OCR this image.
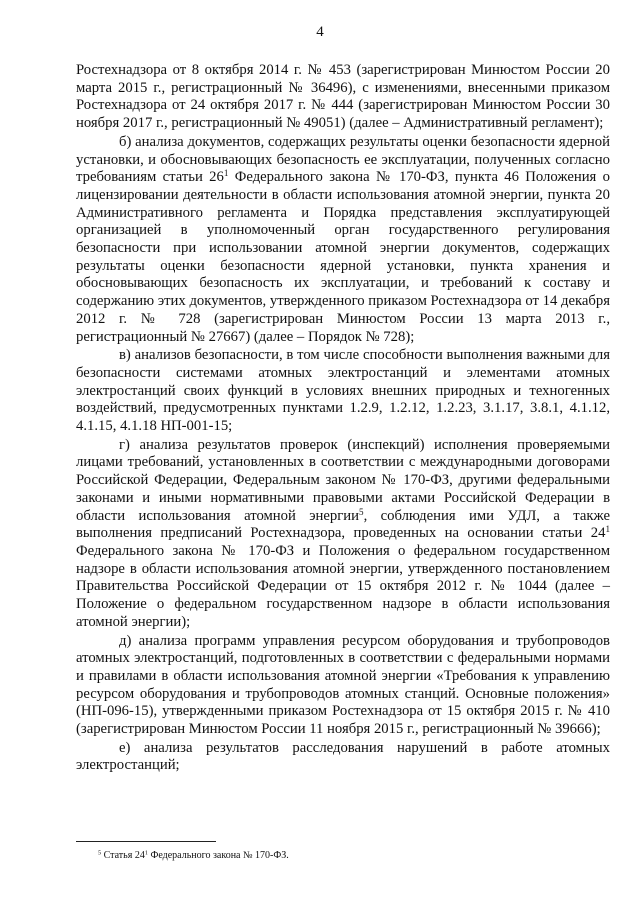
4

Ростехнадзора от 8 октября 2014 г. № 453 (зарегистрирован Минюстом России 20 марта 2015 г., регистрационный № 36496), с изменениями, внесенными приказом Ростехнадзора от 24 октября 2017 г. № 444 (зарегистрирован Минюстом России 30 ноября 2017 г., регистрационный № 49051) (далее – Административный регламент);

б) анализа документов, содержащих результаты оценки безопасности ядерной установки, и обосновывающих безопасность ее эксплуатации, полученных согласно требованиям статьи $26^1$ Федерального закона № 170-ФЗ, пункта 46 Положения о лицензировании деятельности в области использования атомной энергии, пункта 20 Административного регламента и Порядка представления эксплуатирующей организацией в уполномоченный орган государственного регулирования безопасности при использовании атомной энергии документов, содержащих результаты оценки безопасности ядерной установки, пункта хранения и обосновывающих безопасность их эксплуатации, и требований к составу и содержанию этих документов, утвержденного приказом Ростехнадзора от 14 декабря 2012 г. № 728 (зарегистрирован Минюстом России 13 марта 2013 г., регистрационный № 27667) (далее – Порядок № 728);

в) анализов безопасности, в том числе способности выполнения важными для безопасности системами атомных электростанций и элементами атомных электростанций своих функций в условиях внешних природных и техногенных воздействий, предусмотренных пунктами 1.2.9, 1.2.12, 1.2.23, 3.1.17, 3.8.1, 4.1.12, 4.1.15, 4.1.18 НП-001-15;

г) анализа результатов проверок (инспекций) исполнения проверяемыми лицами требований, установленных в соответствии с международными договорами Российской Федерации, Федеральным законом № 170-ФЗ, другими федеральными законами и иными нормативными правовыми актами Российской Федерации в области использования атомной энергии$^5$, соблюдения ими УДЛ, а также выполнения предписаний Ростехнадзора, проведенных на основании статьи $24^1$ Федерального закона № 170-ФЗ и Положения о федеральном государственном надзоре в области использования атомной энергии, утвержденного постановлением Правительства Российской Федерации от 15 октября 2012 г. № 1044 (далее – Положение о федеральном государственном надзоре в области использования атомной энергии);

д) анализа программ управления ресурсом оборудования и трубопроводов атомных электростанций, подготовленных в соответствии с федеральными нормами и правилами в области использования атомной энергии «Требования к управлению ресурсом оборудования и трубопроводов атомных станций. Основные положения» (НП-096-15), утвержденными приказом Ростехнадзора от 15 октября 2015 г. № 410 (зарегистрирован Минюстом России 11 ноября 2015 г., регистрационный № 39666);

е) анализа результатов расследования нарушений в работе атомных электростанций;

$^5$ Статья $24^1$ Федерального закона № 170-ФЗ.
